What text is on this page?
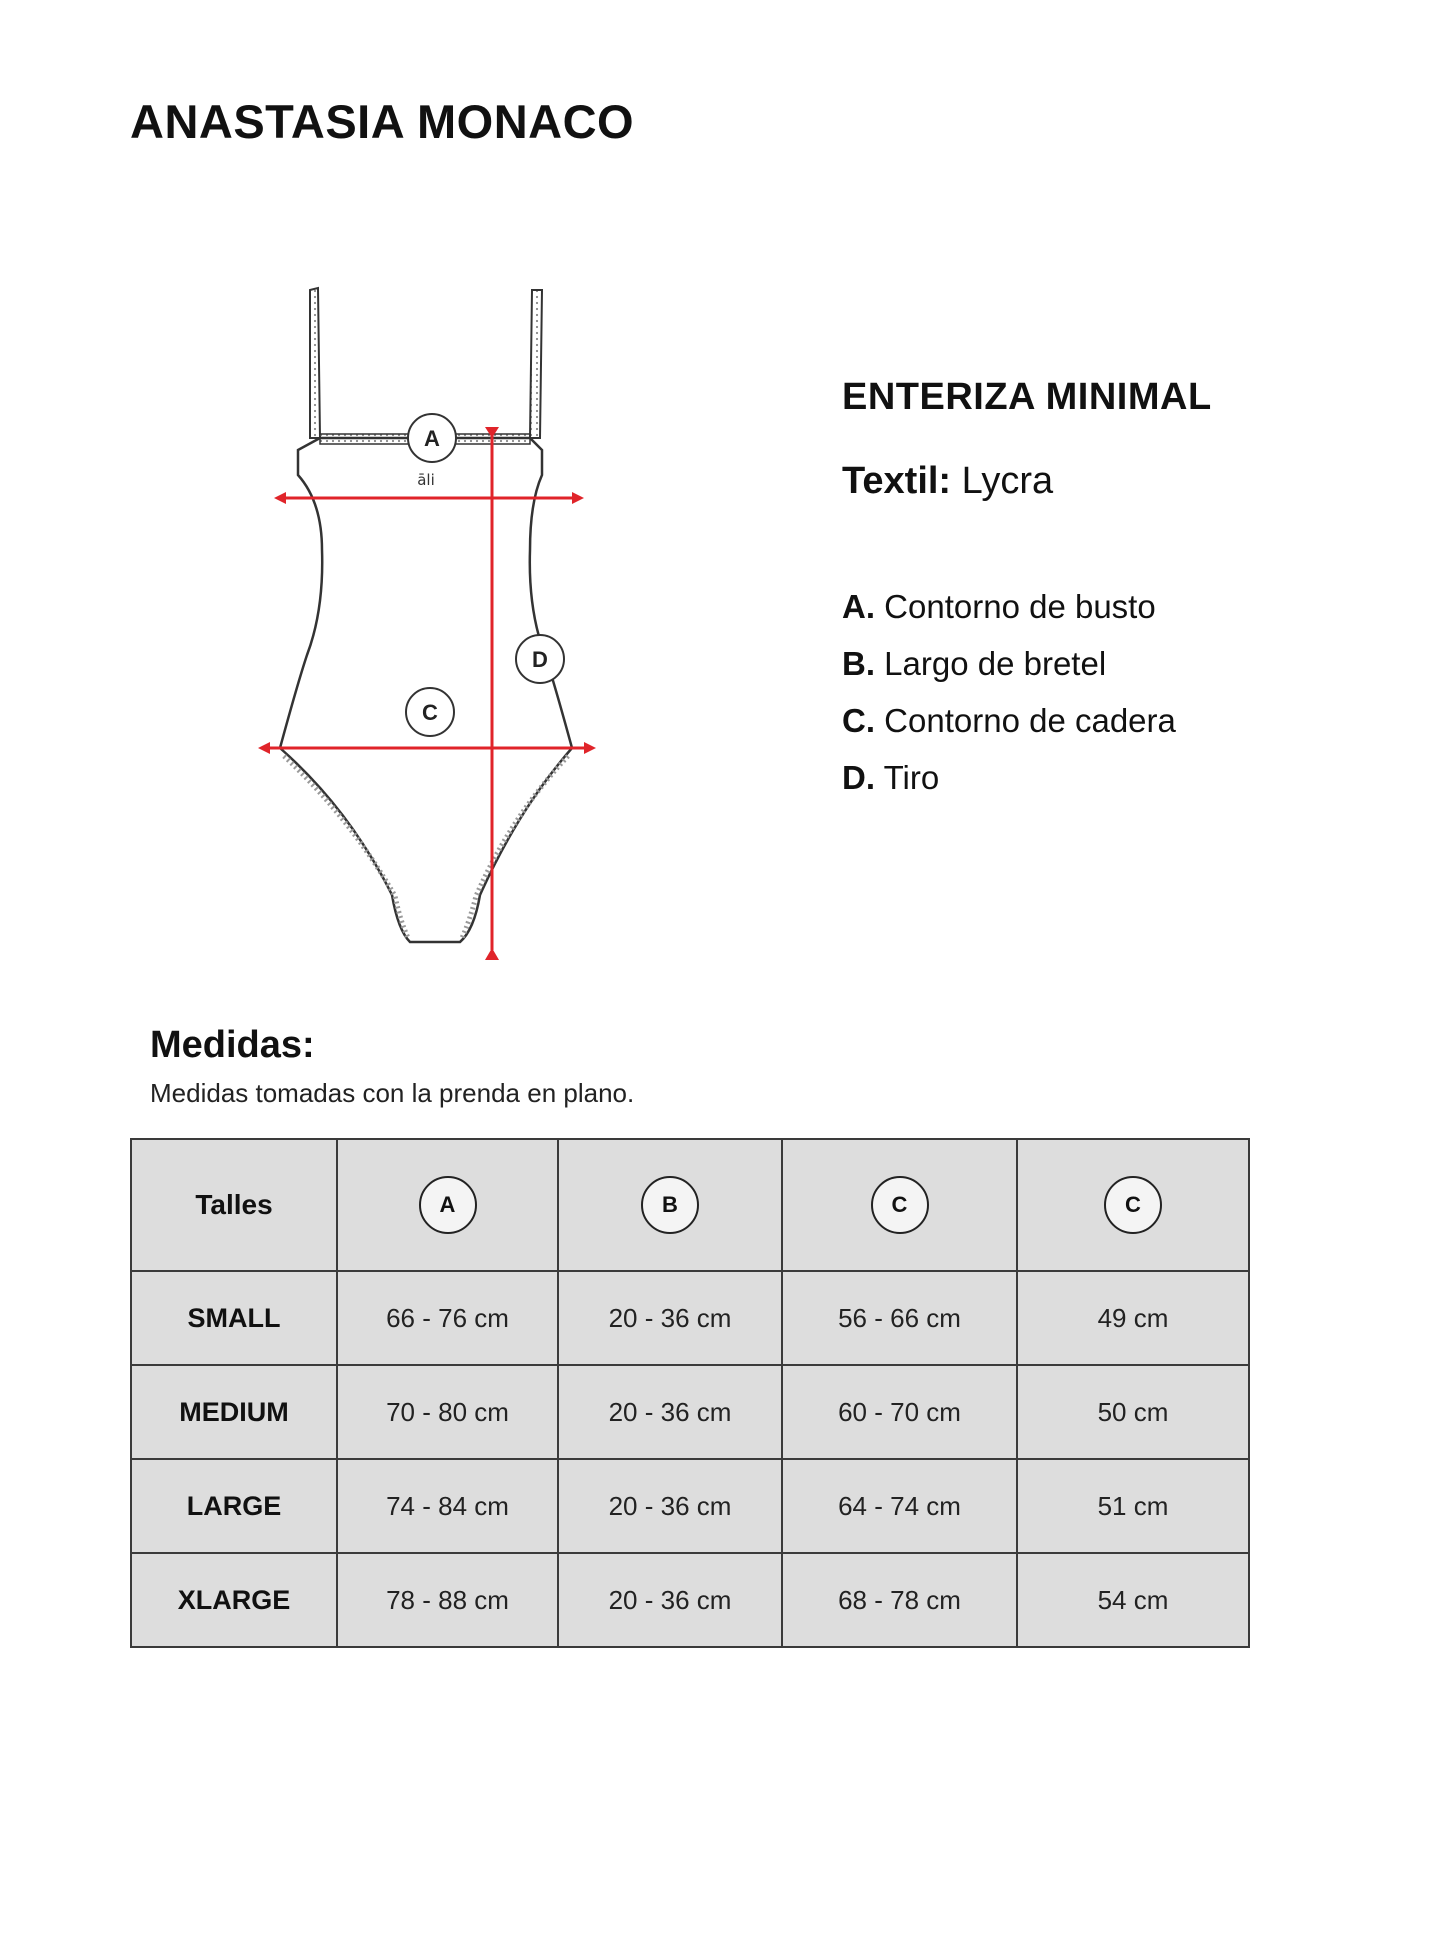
ANASTASIA MONACO
āli
A
D
C
ENTERIZA MINIMAL
Textil: Lycra
A. Contorno de busto
B. Largo de bretel
C. Contorno de cadera
D. Tiro
Medidas:

Medidas tomadas con la prenda en plano.

Talles	A	B	C	C
SMALL	66 - 76 cm	20 - 36 cm	56 - 66 cm	49 cm
MEDIUM	70 - 80 cm	20 - 36 cm	60 - 70 cm	50 cm
LARGE	74 - 84 cm	20 - 36 cm	64 - 74 cm	51 cm
XLARGE	78 - 88 cm	20 - 36 cm	68 - 78 cm	54 cm
